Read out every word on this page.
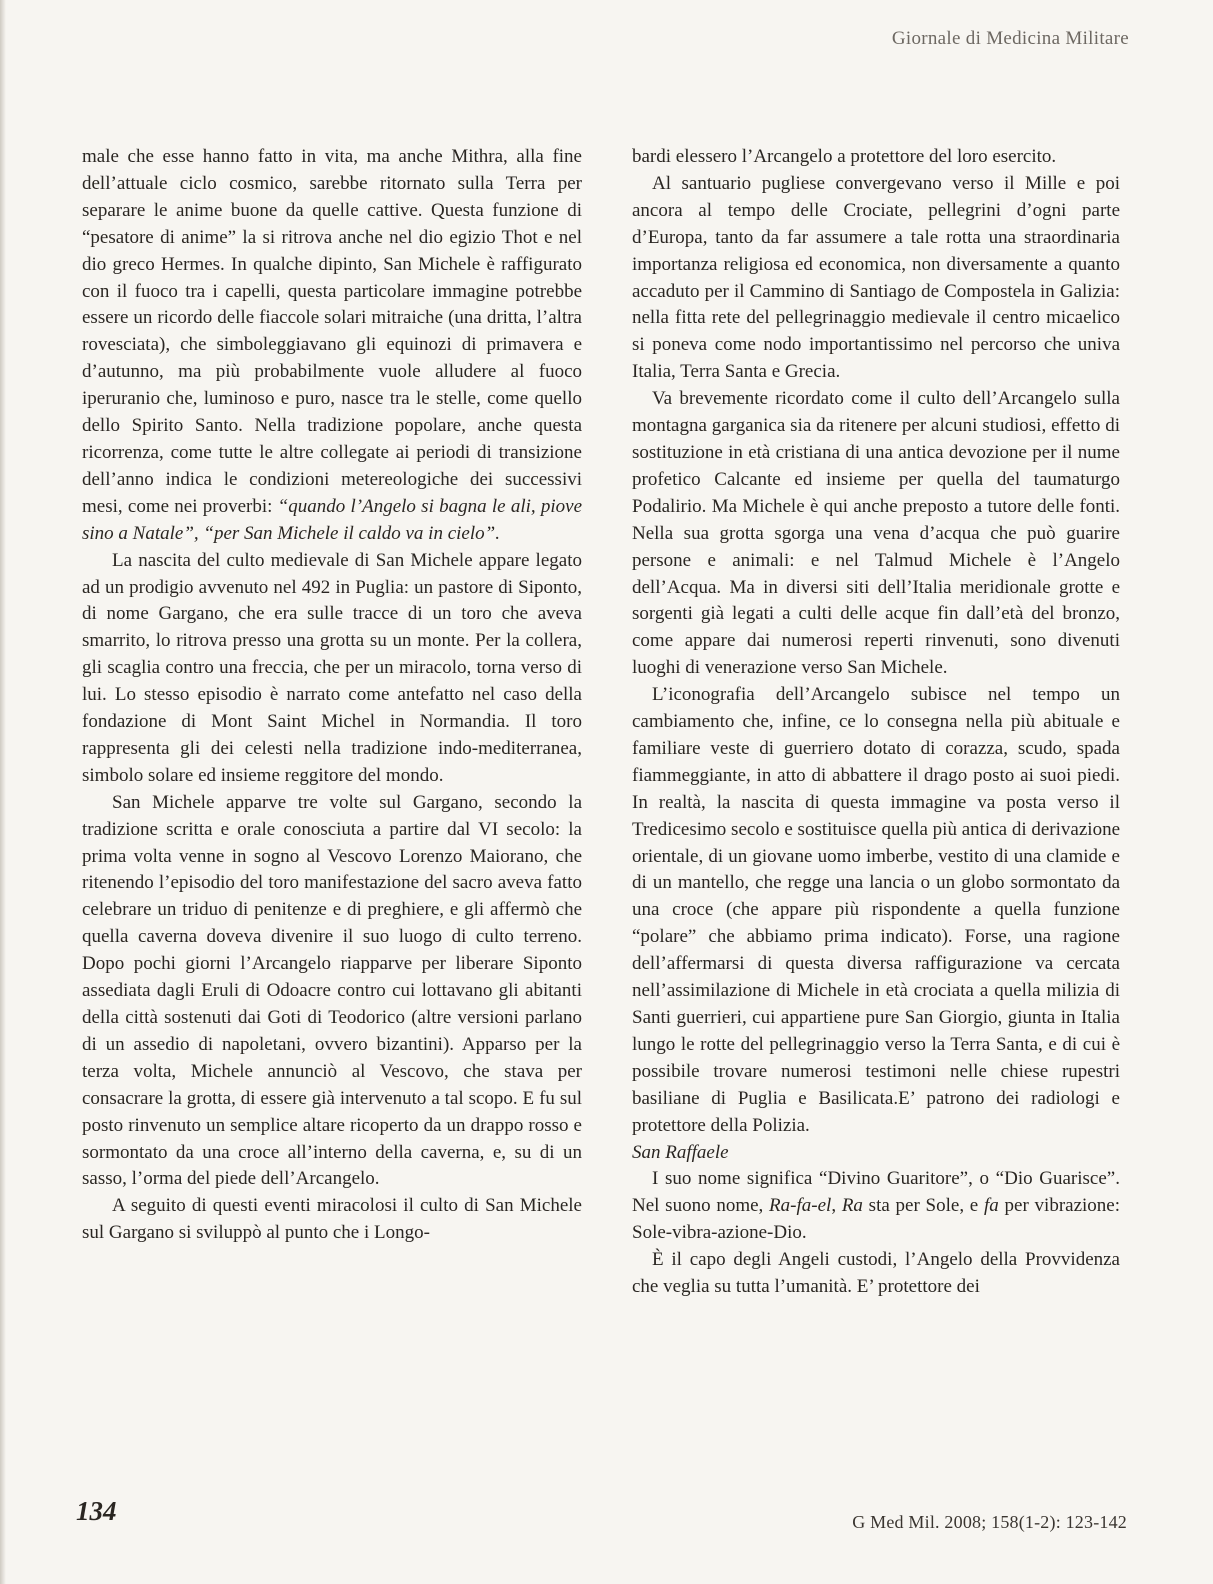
Giornale di Medicina Militare

male che esse hanno fatto in vita, ma anche Mithra, alla fine dell’attuale ciclo cosmico, sarebbe ritornato sulla Terra per separare le anime buone da quelle cattive. Questa funzione di “pesatore di anime” la si ritrova anche nel dio egizio Thot e nel dio greco Hermes. In qualche dipinto, San Michele è raffigurato con il fuoco tra i capelli, questa particolare immagine potrebbe essere un ricordo delle fiaccole solari mitraiche (una dritta, l’altra rovesciata), che simboleggiavano gli equinozi di primavera e d’autunno, ma più probabilmente vuole alludere al fuoco iperuranio che, luminoso e puro, nasce tra le stelle, come quello dello Spirito Santo. Nella tradizione popolare, anche questa ricorrenza, come tutte le altre collegate ai periodi di transizione dell’anno indica le condizioni metereologiche dei successivi mesi, come nei proverbi: “quando l’Angelo si bagna le ali, piove sino a Natale”, “per San Michele il caldo va in cielo”.

La nascita del culto medievale di San Michele appare legato ad un prodigio avvenuto nel 492 in Puglia: un pastore di Siponto, di nome Gargano, che era sulle tracce di un toro che aveva smarrito, lo ritrova presso una grotta su un monte. Per la collera, gli scaglia contro una freccia, che per un miracolo, torna verso di lui. Lo stesso episodio è narrato come antefatto nel caso della fondazione di Mont Saint Michel in Normandia. Il toro rappresenta gli dei celesti nella tradizione indo-mediterranea, simbolo solare ed insieme reggitore del mondo.

San Michele apparve tre volte sul Gargano, secondo la tradizione scritta e orale conosciuta a partire dal VI secolo: la prima volta venne in sogno al Vescovo Lorenzo Maiorano, che ritenendo l’episodio del toro manifestazione del sacro aveva fatto celebrare un triduo di penitenze e di preghiere, e gli affermò che quella caverna doveva divenire il suo luogo di culto terreno. Dopo pochi giorni l’Arcangelo riapparve per liberare Siponto assediata dagli Eruli di Odoacre contro cui lottavano gli abitanti della città sostenuti dai Goti di Teodorico (altre versioni parlano di un assedio di napoletani, ovvero bizantini). Apparso per la terza volta, Michele annunciò al Vescovo, che stava per consacrare la grotta, di essere già intervenuto a tal scopo. E fu sul posto rinvenuto un semplice altare ricoperto da un drappo rosso e sormontato da una croce all’interno della caverna, e, su di un sasso, l’orma del piede dell’Arcangelo.

A seguito di questi eventi miracolosi il culto di San Michele sul Gargano si sviluppò al punto che i Longo-

bardi elessero l’Arcangelo a protettore del loro esercito.

Al santuario pugliese convergevano verso il Mille e poi ancora al tempo delle Crociate, pellegrini d’ogni parte d’Europa, tanto da far assumere a tale rotta una straordinaria importanza religiosa ed economica, non diversamente a quanto accaduto per il Cammino di Santiago de Compostela in Galizia: nella fitta rete del pellegrinaggio medievale il centro micaelico si poneva come nodo importantissimo nel percorso che univa Italia, Terra Santa e Grecia.

Va brevemente ricordato come il culto dell’Arcangelo sulla montagna garganica sia da ritenere per alcuni studiosi, effetto di sostituzione in età cristiana di una antica devozione per il nume profetico Calcante ed insieme per quella del taumaturgo Podalirio. Ma Michele è qui anche preposto a tutore delle fonti. Nella sua grotta sgorga una vena d’acqua che può guarire persone e animali: e nel Talmud Michele è l’Angelo dell’Acqua. Ma in diversi siti dell’Italia meridionale grotte e sorgenti già legati a culti delle acque fin dall’età del bronzo, come appare dai numerosi reperti rinvenuti, sono divenuti luoghi di venerazione verso San Michele.

L’iconografia dell’Arcangelo subisce nel tempo un cambiamento che, infine, ce lo consegna nella più abituale e familiare veste di guerriero dotato di corazza, scudo, spada fiammeggiante, in atto di abbattere il drago posto ai suoi piedi. In realtà, la nascita di questa immagine va posta verso il Tredicesimo secolo e sostituisce quella più antica di derivazione orientale, di un giovane uomo imberbe, vestito di una clamide e di un mantello, che regge una lancia o un globo sormontato da una croce (che appare più rispondente a quella funzione “polare” che abbiamo prima indicato). Forse, una ragione dell’affermarsi di questa diversa raffigurazione va cercata nell’assimilazione di Michele in età crociata a quella milizia di Santi guerrieri, cui appartiene pure San Giorgio, giunta in Italia lungo le rotte del pellegrinaggio verso la Terra Santa, e di cui è possibile trovare numerosi testimoni nelle chiese rupestri basiliane di Puglia e Basilicata.E’ patrono dei radiologi e protettore della Polizia.

San Raffaele

I suo nome significa “Divino Guaritore”, o “Dio Guarisce”. Nel suono nome, Ra-fa-el, Ra sta per Sole, e fa per vibrazione: Sole-vibra-azione-Dio.

È il capo degli Angeli custodi, l’Angelo della Provvidenza che veglia su tutta l’umanità. E’ protettore dei

134	G Med Mil. 2008; 158(1-2): 123-142
